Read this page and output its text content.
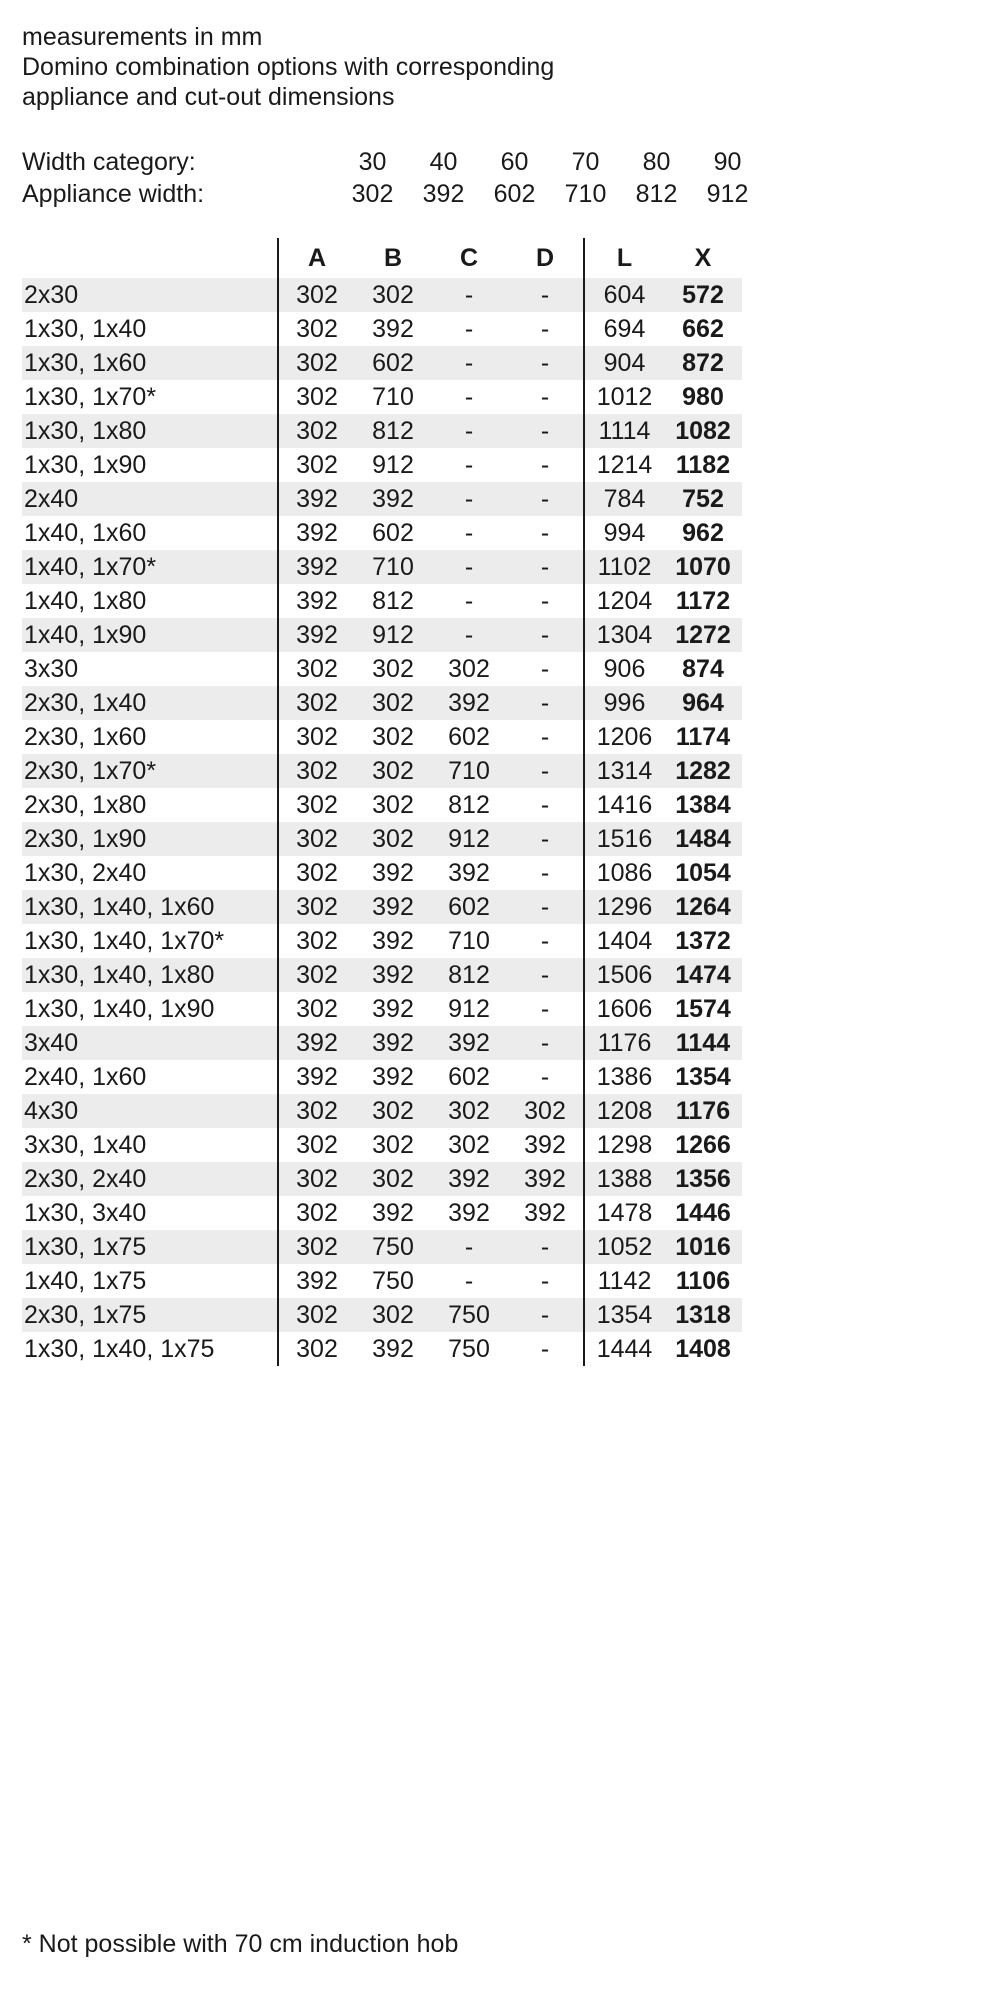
measurements in mm
Domino combination options with corresponding
appliance and cut-out dimensions
Width category:	30	40	60	70	80	90
Appliance width:	302	392	602	710	812	912
	A	B	C	D	L	X
2x30	302	302	-	-	604	572
1x30, 1x40	302	392	-	-	694	662
1x30, 1x60	302	602	-	-	904	872
1x30, 1x70*	302	710	-	-	1012	980
1x30, 1x80	302	812	-	-	1114	1082
1x30, 1x90	302	912	-	-	1214	1182
2x40	392	392	-	-	784	752
1x40, 1x60	392	602	-	-	994	962
1x40, 1x70*	392	710	-	-	1102	1070
1x40, 1x80	392	812	-	-	1204	1172
1x40, 1x90	392	912	-	-	1304	1272
3x30	302	302	302	-	906	874
2x30, 1x40	302	302	392	-	996	964
2x30, 1x60	302	302	602	-	1206	1174
2x30, 1x70*	302	302	710	-	1314	1282
2x30, 1x80	302	302	812	-	1416	1384
2x30, 1x90	302	302	912	-	1516	1484
1x30, 2x40	302	392	392	-	1086	1054
1x30, 1x40, 1x60	302	392	602	-	1296	1264
1x30, 1x40, 1x70*	302	392	710	-	1404	1372
1x30, 1x40, 1x80	302	392	812	-	1506	1474
1x30, 1x40, 1x90	302	392	912	-	1606	1574
3x40	392	392	392	-	1176	1144
2x40, 1x60	392	392	602	-	1386	1354
4x30	302	302	302	302	1208	1176
3x30, 1x40	302	302	302	392	1298	1266
2x30, 2x40	302	302	392	392	1388	1356
1x30, 3x40	302	392	392	392	1478	1446
1x30, 1x75	302	750	-	-	1052	1016
1x40, 1x75	392	750	-	-	1142	1106
2x30, 1x75	302	302	750	-	1354	1318
1x30, 1x40, 1x75	302	392	750	-	1444	1408
* Not possible with 70 cm induction hob
